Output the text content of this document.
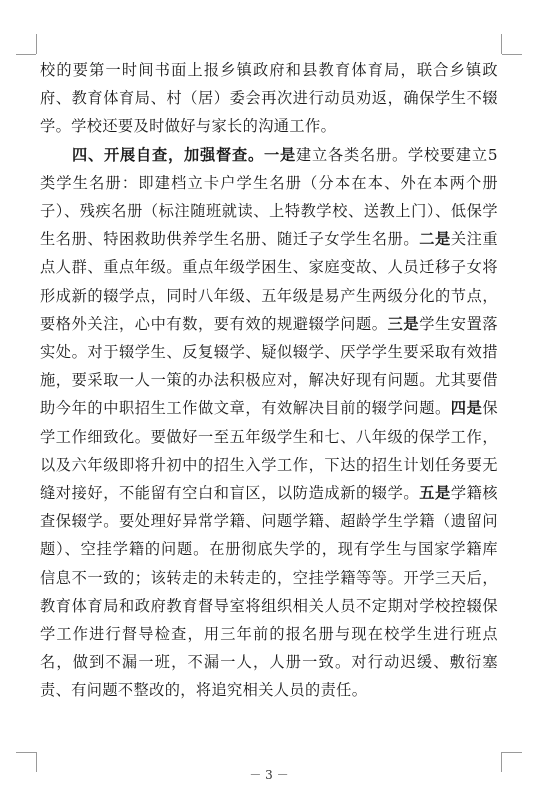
校的要第一时间书面上报乡镇政府和县教育体育局，联合乡镇政府、教育体育局、村（居）委会再次进行动员劝返，确保学生不辍学。学校还要及时做好与家长的沟通工作。

四、开展自查，加强督查。一是建立各类名册。学校要建立5类学生名册：即建档立卡户学生名册（分本在本、外在本两个册子）、残疾名册（标注随班就读、上特教学校、送教上门）、低保学生名册、特困救助供养学生名册、随迁子女学生名册。二是关注重点人群、重点年级。重点年级学困生、家庭变故、人员迁移子女将形成新的辍学点，同时八年级、五年级是易产生两级分化的节点，要格外关注，心中有数，要有效的规避辍学问题。三是学生安置落实处。对于辍学生、反复辍学、疑似辍学、厌学学生要采取有效措施，要采取一人一策的办法积极应对，解决好现有问题。尤其要借助今年的中职招生工作做文章，有效解决目前的辍学问题。四是保学工作细致化。要做好一至五年级学生和七、八年级的保学工作，以及六年级即将升初中的招生入学工作，下达的招生计划任务要无缝对接好，不能留有空白和盲区，以防造成新的辍学。五是学籍核查保辍学。要处理好异常学籍、问题学籍、超龄学生学籍（遗留问题）、空挂学籍的问题。在册彻底失学的，现有学生与国家学籍库信息不一致的；该转走的未转走的，空挂学籍等等。开学三天后，教育体育局和政府教育督导室将组织相关人员不定期对学校控辍保学工作进行督导检查，用三年前的报名册与现在校学生进行班点名，做到不漏一班，不漏一人，人册一致。对行动迟缓、敷衍塞责、有问题不整改的，将追究相关人员的责任。

－ 3 －
